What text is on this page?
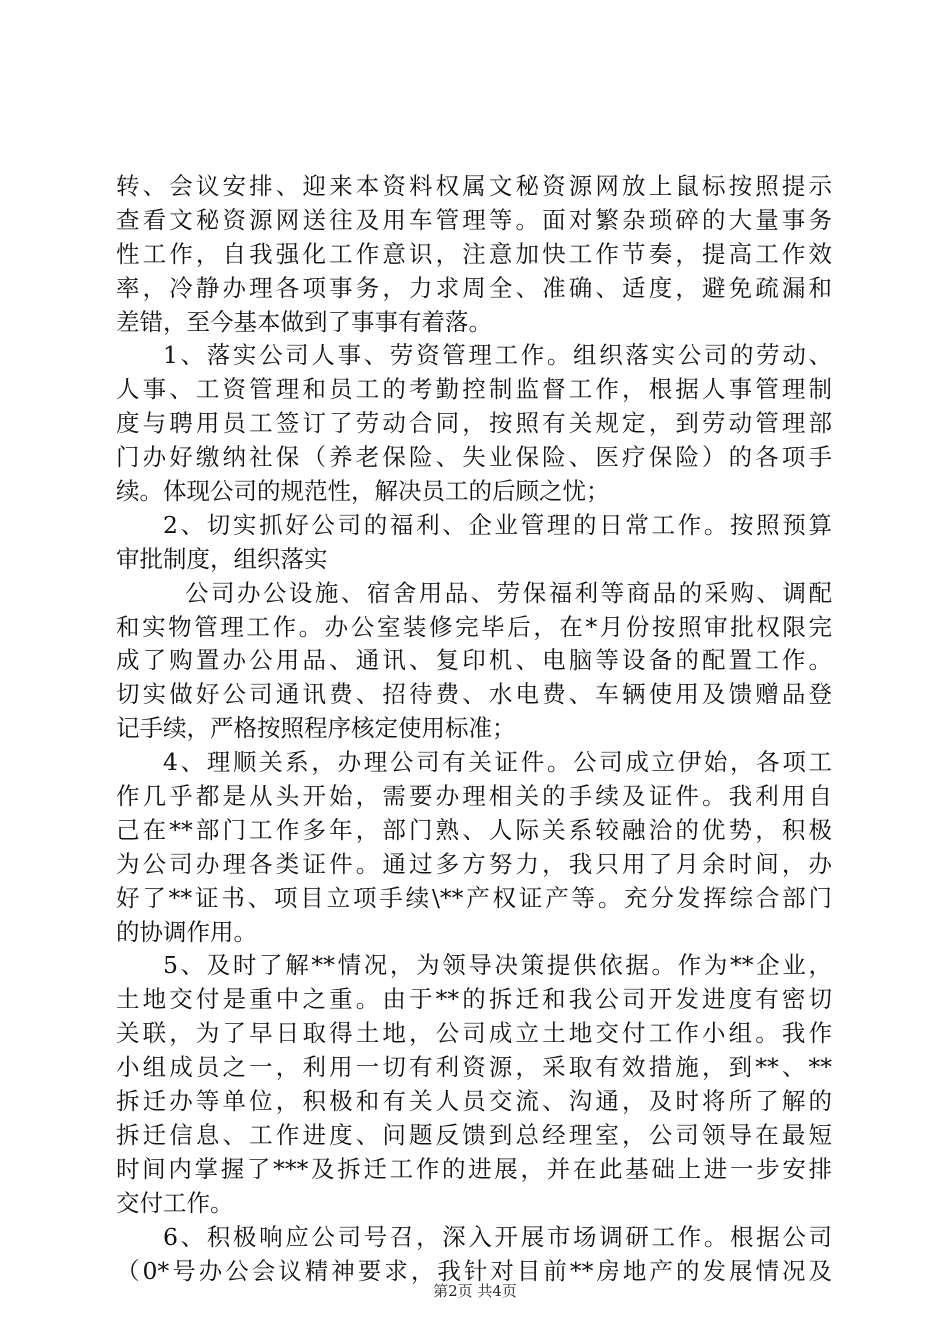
转、会议安排、迎来本资料权属文秘资源网放上鼠标按照提示
查看文秘资源网送往及用车管理等。面对繁杂琐碎的大量事务
性工作，自我强化工作意识，注意加快工作节奏，提高工作效
率，冷静办理各项事务，力求周全、准确、适度，避免疏漏和
差错，至今基本做到了事事有着落。
1、落实公司人事、劳资管理工作。组织落实公司的劳动、
人事、工资管理和员工的考勤控制监督工作，根据人事管理制
度与聘用员工签订了劳动合同，按照有关规定，到劳动管理部
门办好缴纳社保（养老保险、失业保险、医疗保险）的各项手
续。体现公司的规范性，解决员工的后顾之忧；
2、切实抓好公司的福利、企业管理的日常工作。按照预算
审批制度，组织落实
公司办公设施、宿舍用品、劳保福利等商品的采购、调配
和实物管理工作。办公室装修完毕后，在*月份按照审批权限完
成了购置办公用品、通讯、复印机、电脑等设备的配置工作。
切实做好公司通讯费、招待费、水电费、车辆使用及馈赠品登
记手续，严格按照程序核定使用标准；
4、理顺关系，办理公司有关证件。公司成立伊始，各项工
作几乎都是从头开始，需要办理相关的手续及证件。我利用自
己在**部门工作多年，部门熟、人际关系较融洽的优势，积极
为公司办理各类证件。通过多方努力，我只用了月余时间，办
好了**证书、项目立项手续\**产权证产等。充分发挥综合部门
的协调作用。
5、及时了解**情况，为领导决策提供依据。作为**企业，
土地交付是重中之重。由于**的拆迁和我公司开发进度有密切
关联，为了早日取得土地，公司成立土地交付工作小组。我作
小组成员之一，利用一切有利资源，采取有效措施，到**、**
拆迁办等单位，积极和有关人员交流、沟通，及时将所了解的
拆迁信息、工作进度、问题反馈到总经理室，公司领导在最短
时间内掌握了***及拆迁工作的进展，并在此基础上进一步安排
交付工作。
6、积极响应公司号召，深入开展市场调研工作。根据公司
（0*号办公会议精神要求，我针对目前**房地产的发展情况及
第2页 共4页
